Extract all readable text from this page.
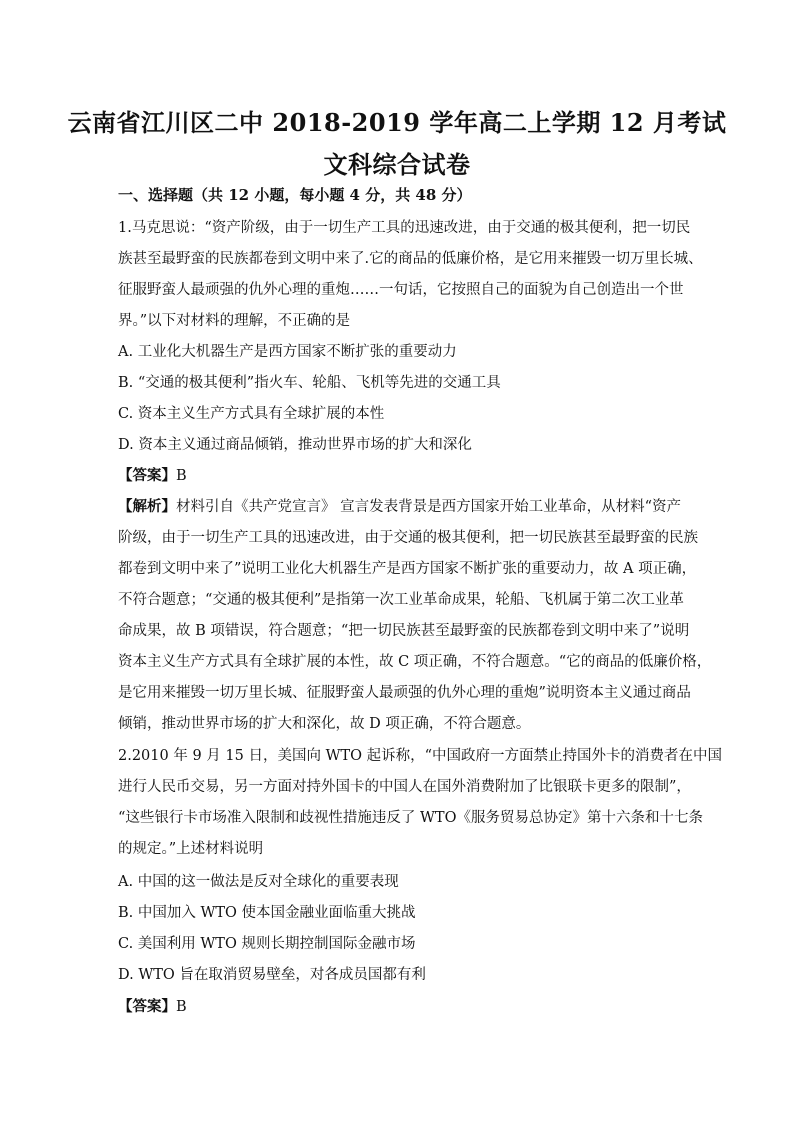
云南省江川区二中 2018-2019 学年高二上学期 12 月考试
文科综合试卷
一、选择题（共 12 小题，每小题 4 分，共 48 分）
1.马克思说：“资产阶级，由于一切生产工具的迅速改进，由于交通的极其便利，把一切民
族甚至最野蛮的民族都卷到文明中来了.它的商品的低廉价格，是它用来摧毁一切万里长城、
征服野蛮人最顽强的仇外心理的重炮……一句话，它按照自己的面貌为自己创造出一个世
界。”以下对材料的理解，不正确的是
A. 工业化大机器生产是西方国家不断扩张的重要动力
B. “交通的极其便利”指火车、轮船、飞机等先进的交通工具
C. 资本主义生产方式具有全球扩展的本性
D. 资本主义通过商品倾销，推动世界市场的扩大和深化
【答案】B
【解析】材料引自《共产党宣言》 宣言发表背景是西方国家开始工业革命，从材料“资产
阶级，由于一切生产工具的迅速改进，由于交通的极其便利，把一切民族甚至最野蛮的民族
都卷到文明中来了”说明工业化大机器生产是西方国家不断扩张的重要动力，故 A 项正确，
不符合题意；“交通的极其便利”是指第一次工业革命成果，轮船、飞机属于第二次工业革
命成果，故 B 项错误，符合题意；“把一切民族甚至最野蛮的民族都卷到文明中来了”说明
资本主义生产方式具有全球扩展的本性，故 C 项正确，不符合题意。“它的商品的低廉价格，
是它用来摧毁一切万里长城、征服野蛮人最顽强的仇外心理的重炮”说明资本主义通过商品
倾销，推动世界市场的扩大和深化，故 D 项正确，不符合题意。
2.2010 年 9 月 15 日，美国向 WTO 起诉称，“中国政府一方面禁止持国外卡的消费者在中国
进行人民币交易，另一方面对持外国卡的中国人在国外消费附加了比银联卡更多的限制”，
“这些银行卡市场准入限制和歧视性措施违反了 WTO《服务贸易总协定》第十六条和十七条
的规定。”上述材料说明
A. 中国的这一做法是反对全球化的重要表现
B. 中国加入 WTO 使本国金融业面临重大挑战
C. 美国利用 WTO 规则长期控制国际金融市场
D. WTO 旨在取消贸易壁垒，对各成员国都有利
【答案】B
